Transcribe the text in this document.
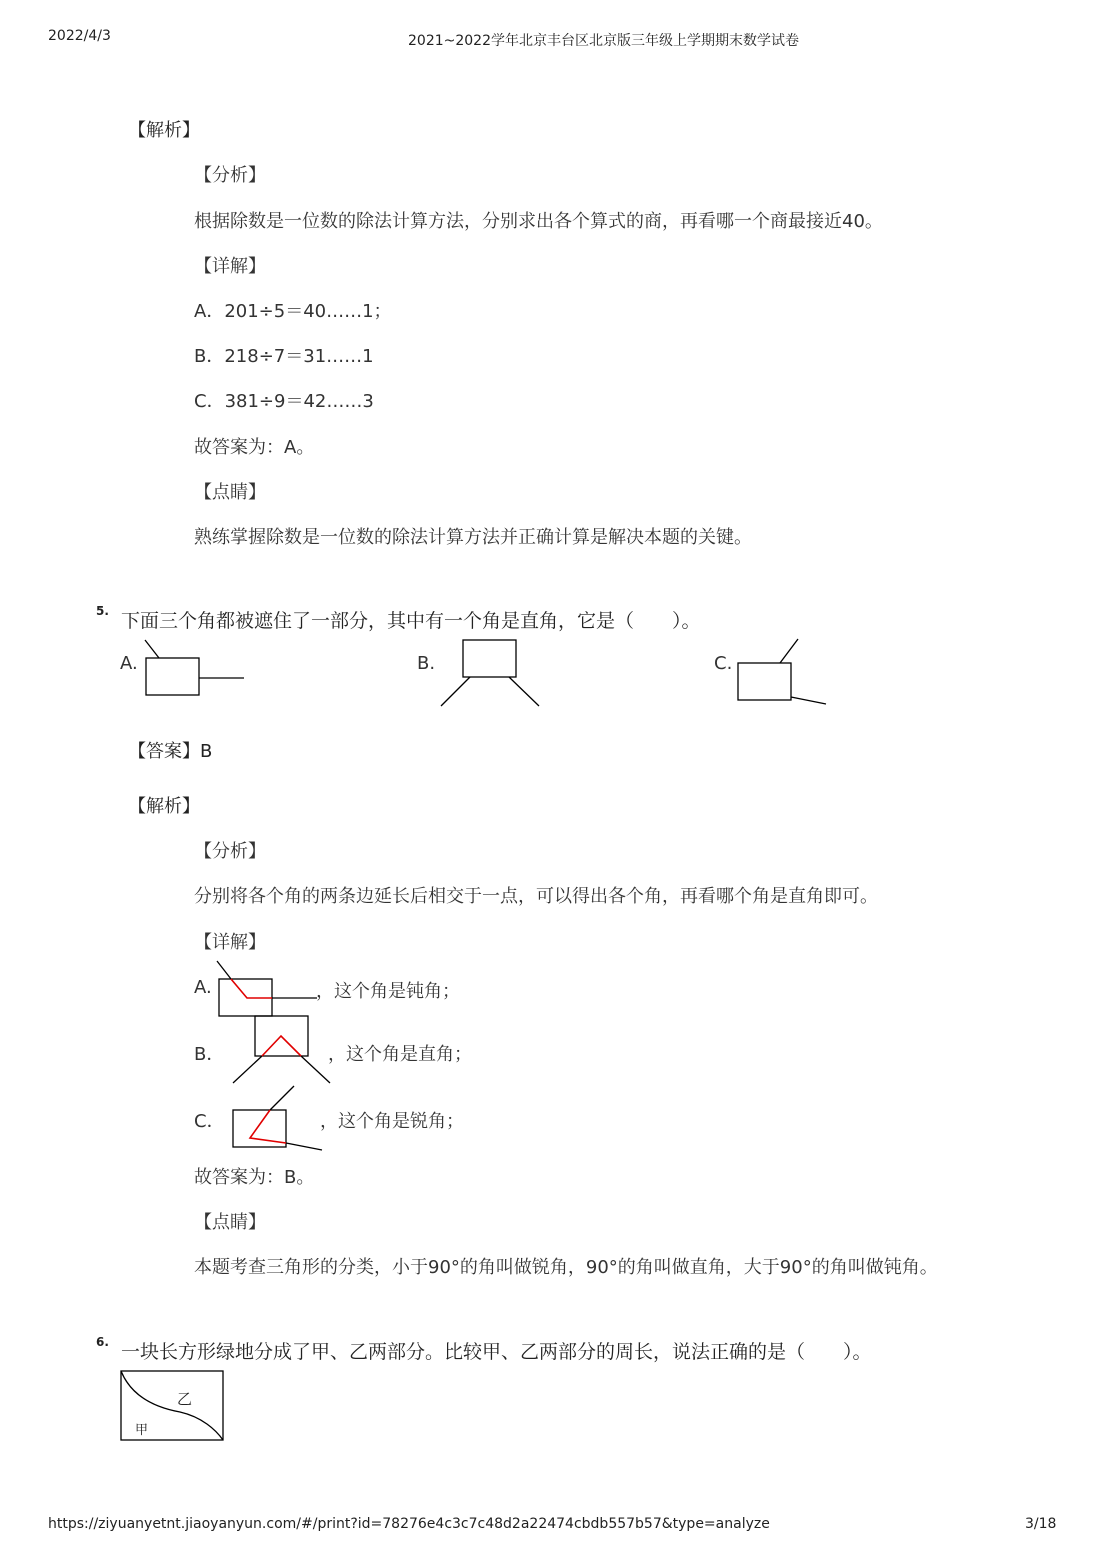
2022/4/3	2021~2022学年北京丰台区北京版三年级上学期期末数学试卷
【解析】
【分析】
根据除数是一位数的除法计算方法，分别求出各个算式的商，再看哪一个商最接近40。
【详解】
A．201÷5＝40……1；
B．218÷7＝31……1
C．381÷9＝42……3
故答案为：A。
【点睛】
熟练掌握除数是一位数的除法计算方法并正确计算是解决本题的关键。
5. 下面三个角都被遮住了一部分，其中有一个角是直角，它是（　　）。
A.	B.	C.
【答案】B
【解析】
【分析】
分别将各个角的两条边延长后相交于一点，可以得出各个角，再看哪个角是直角即可。
【详解】
A.	，这个角是钝角；
B．	，这个角是直角；
C．	，这个角是锐角；
故答案为：B。
【点睛】
本题考查三角形的分类，小于90°的角叫做锐角，90°的角叫做直角，大于90°的角叫做钝角。
6. 一块长方形绿地分成了甲、乙两部分。比较甲、乙两部分的周长，说法正确的是（　　）。
乙
甲
https://ziyuanyetnt.jiaoyanyun.com/#/print?id=78276e4c3c7c48d2a22474cbdb557b57&type=analyze	3/18
